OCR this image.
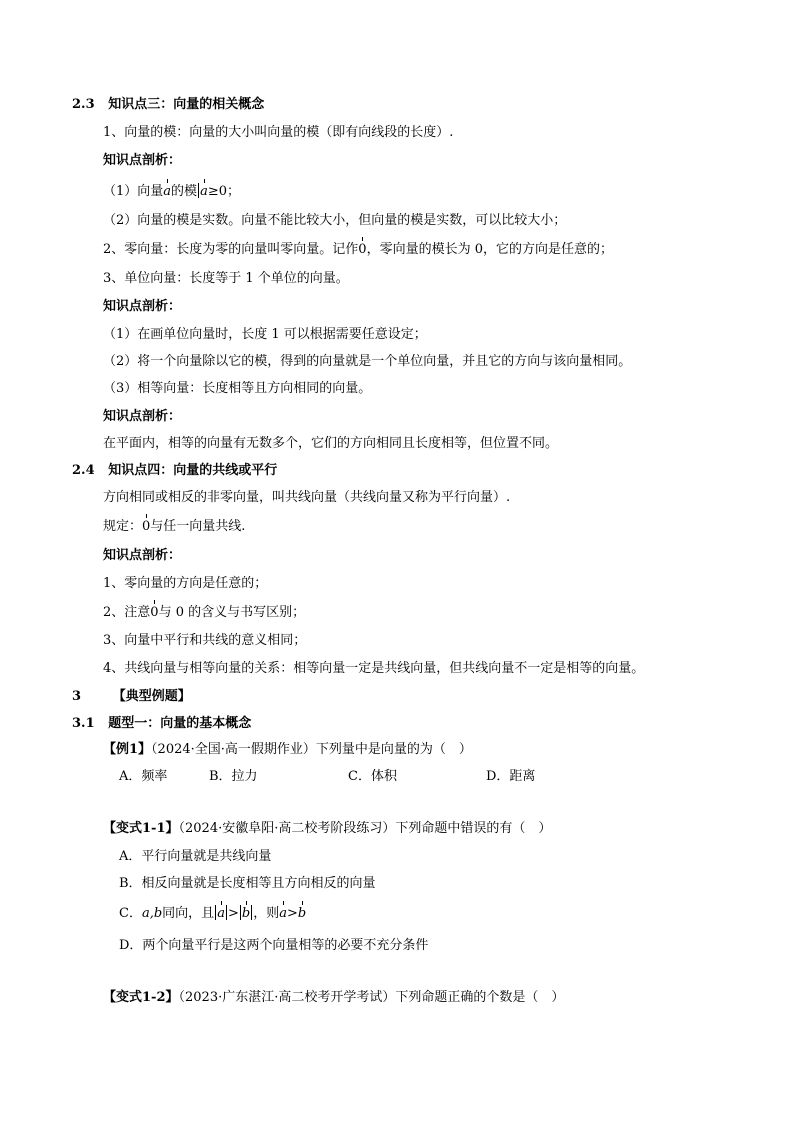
2.3 知识点三：向量的相关概念
1、向量的模：向量的大小叫向量的模（即有向线段的长度）.
知识点剖析：
（1）向量a的模 a≥0；
（2）向量的模是实数。向量不能比较大小，但向量的模是实数，可以比较大小；
2、零向量：长度为零的向量叫零向量。记作0，零向量的模长为 0，它的方向是任意的；
3、单位向量：长度等于 1 个单位的向量。
知识点剖析：
（1）在画单位向量时，长度 1 可以根据需要任意设定；
（2）将一个向量除以它的模，得到的向量就是一个单位向量，并且它的方向与该向量相同。
（3）相等向量：长度相等且方向相同的向量。
知识点剖析：
在平面内，相等的向量有无数多个，它们的方向相同且长度相等，但位置不同。
2.4 知识点四：向量的共线或平行
方向相同或相反的非零向量，叫共线向量（共线向量又称为平行向量）.
规定：0与任一向量共线.
知识点剖析：
1、零向量的方向是任意的；
2、注意0与 0 的含义与书写区别；
3、向量中平行和共线的意义相同；
4、共线向量与相等向量的关系：相等向量一定是共线向量，但共线向量不一定是相等的向量。
3 【典型例题】
3.1 题型一：向量的基本概念
【例1】（2024·全国·高一假期作业）下列量中是向量的为（　）
A．频率	B．拉力	C．体积	D．距离
【变式1-1】（2024·安徽阜阳·高二校考阶段练习）下列命题中错误的有（　）
A．平行向量就是共线向量
B．相反向量就是长度相等且方向相反的向量
C．a,b同向，且 a > b ，则a>b
D．两个向量平行是这两个向量相等的必要不充分条件
【变式1-2】（2023·广东湛江·高二校考开学考试）下列命题正确的个数是（　）
